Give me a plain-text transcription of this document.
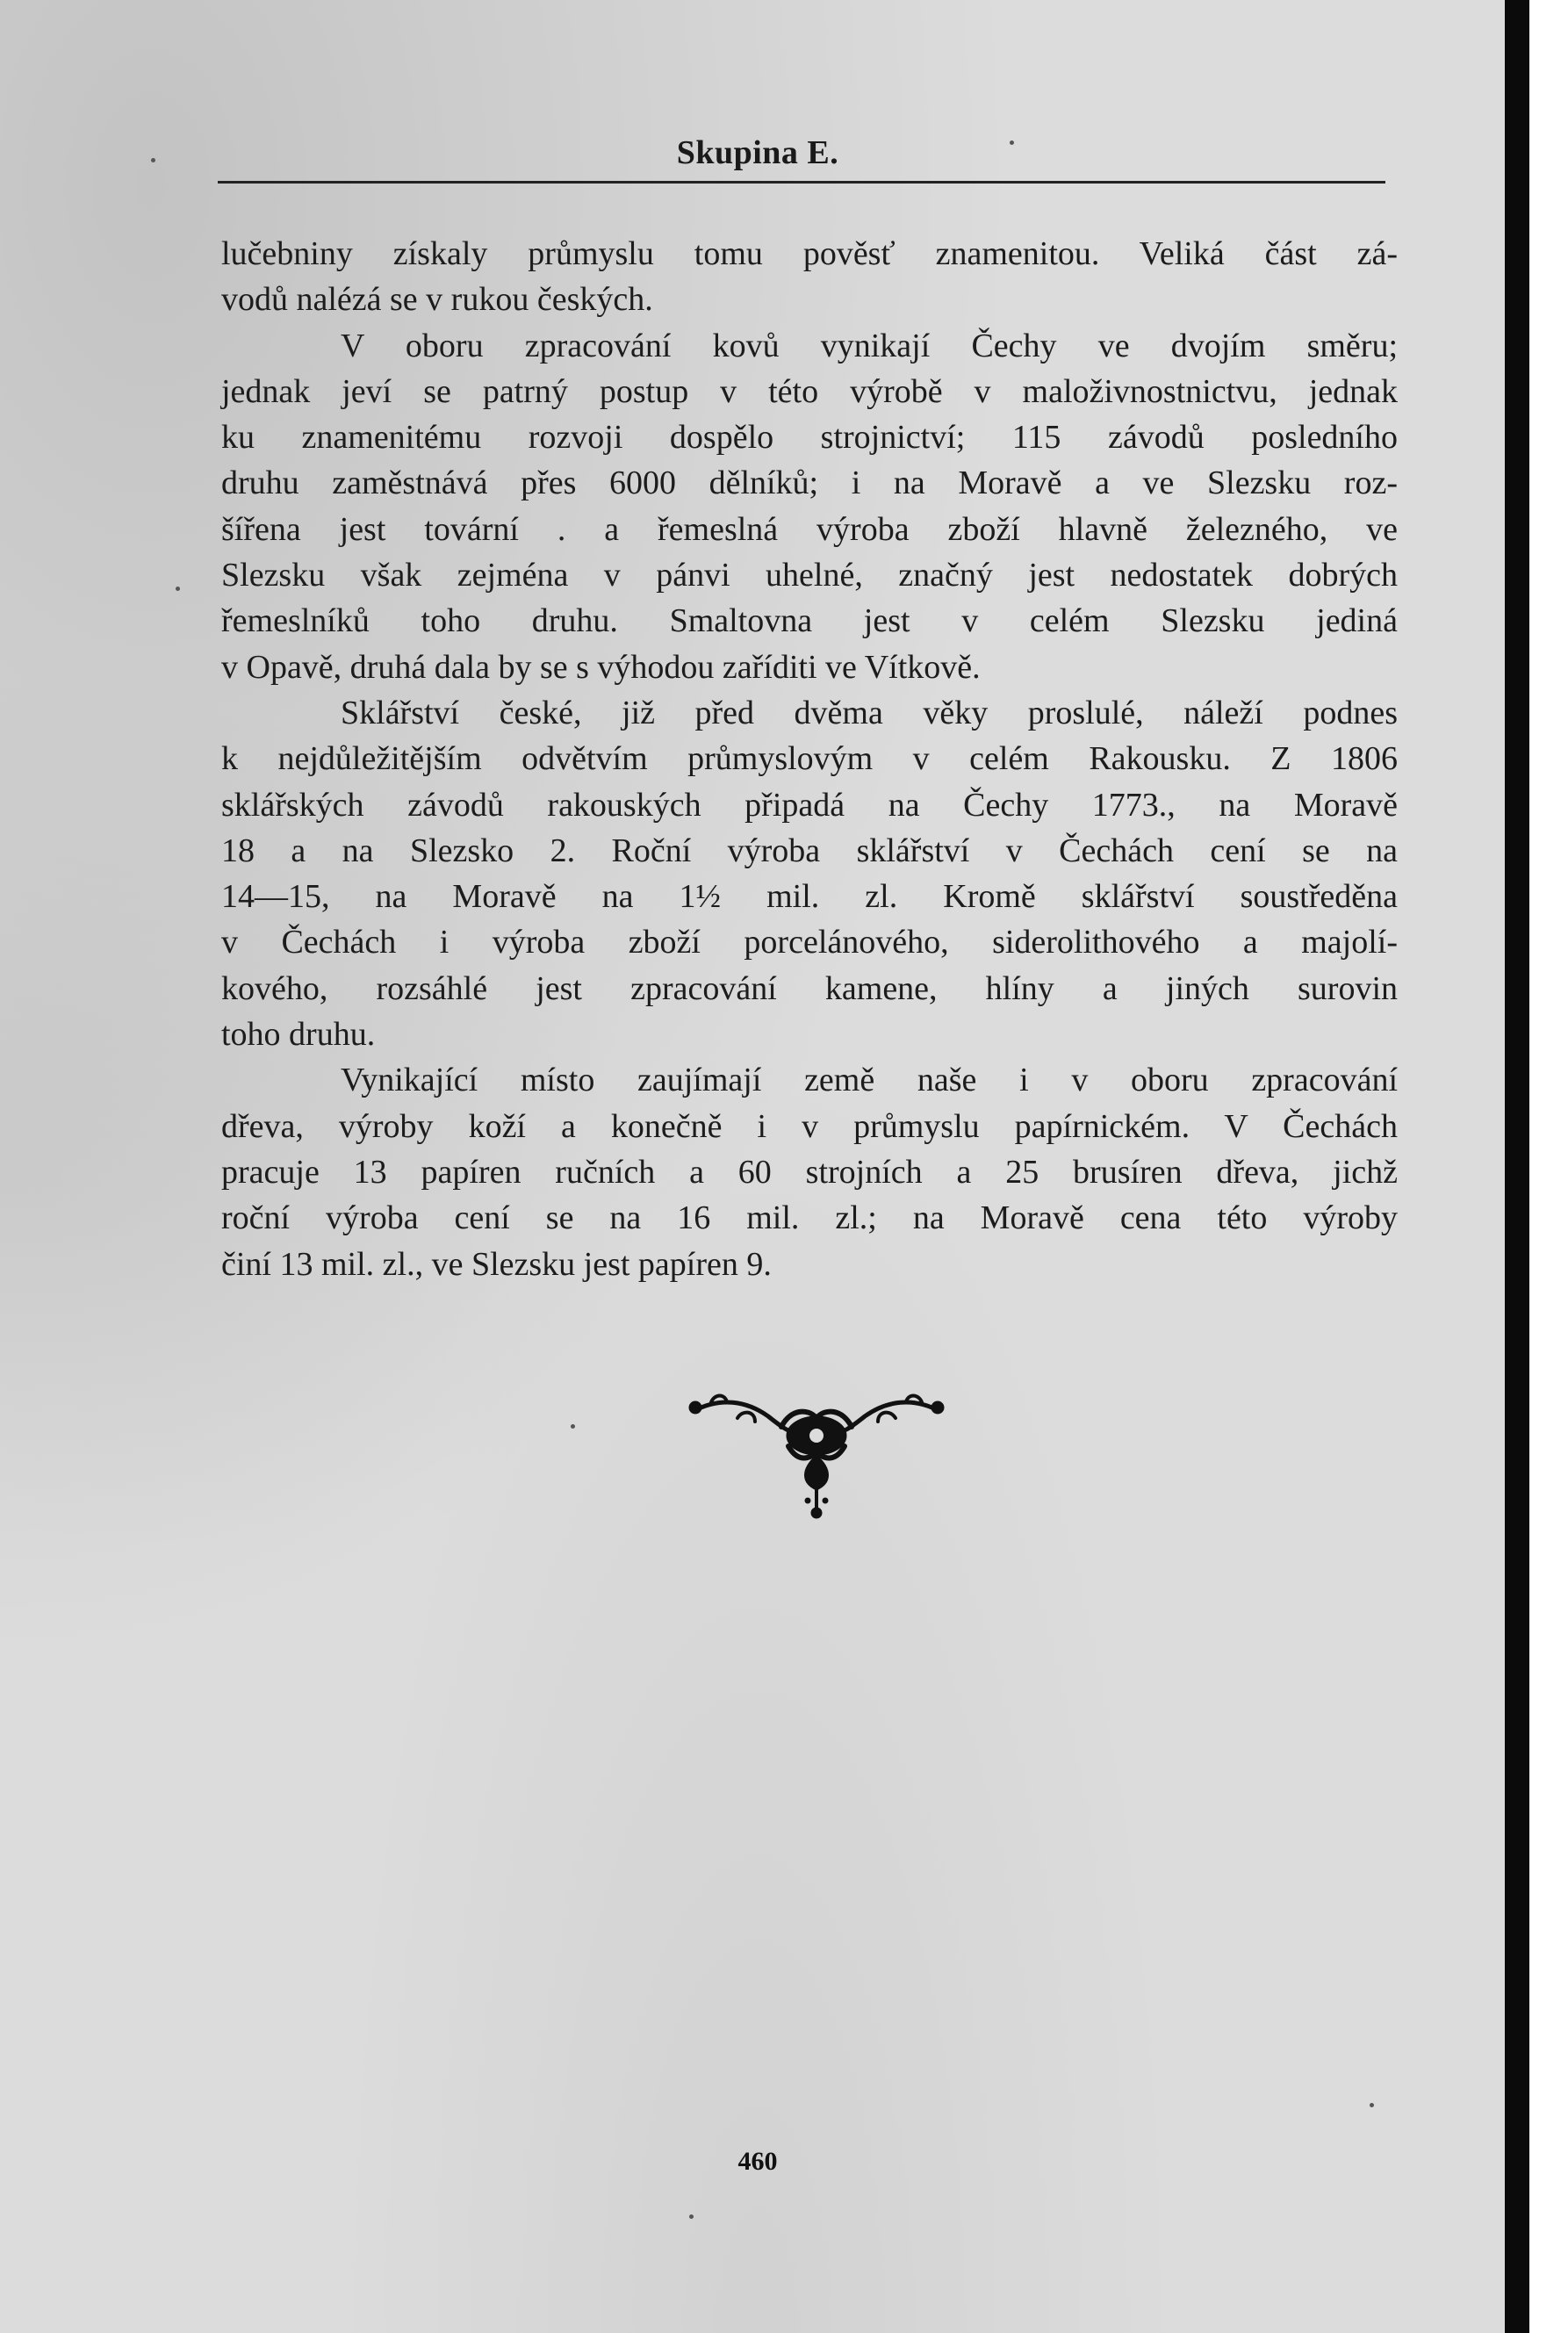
Skupina E.
lučebniny získaly průmyslu tomu pověsť znamenitou. Veliká část zá-
vodů nalézá se v rukou českých.
V oboru zpracování kovů vynikají Čechy ve dvojím směru;
jednak jeví se patrný postup v této výrobě v maloživnostnictvu, jednak
ku znamenitému rozvoji dospělo strojnictví; 115 závodů posledního
druhu zaměstnává přes 6000 dělníků; i na Moravě a ve Slezsku roz-
šířena jest tovární . a řemeslná výroba zboží hlavně železného, ve
Slezsku však zejména v pánvi uhelné, značný jest nedostatek dobrých
řemeslníků toho druhu. Smaltovna jest v celém Slezsku jediná
v Opavě, druhá dala by se s výhodou zaříditi ve Vítkově.
Sklářství české, již před dvěma věky proslulé, náleží podnes
k nejdůležitějším odvětvím průmyslovým v celém Rakousku. Z 1806
sklářských závodů rakouských připadá na Čechy 1773., na Moravě
18 a na Slezsko 2. Roční výroba sklářství v Čechách cení se na
14—15, na Moravě na 1½ mil. zl. Kromě sklářství soustředěna
v Čechách i výroba zboží porcelánového, siderolithového a majolí-
kového, rozsáhlé jest zpracování kamene, hlíny a jiných surovin
toho druhu.
Vynikající místo zaujímají země naše i v oboru zpracování
dřeva, výroby koží a konečně i v průmyslu papírnickém. V Čechách
pracuje 13 papíren ručních a 60 strojních a 25 brusíren dřeva, jichž
roční výroba cení se na 16 mil. zl.; na Moravě cena této výroby
činí 13 mil. zl., ve Slezsku jest papíren 9.
460
